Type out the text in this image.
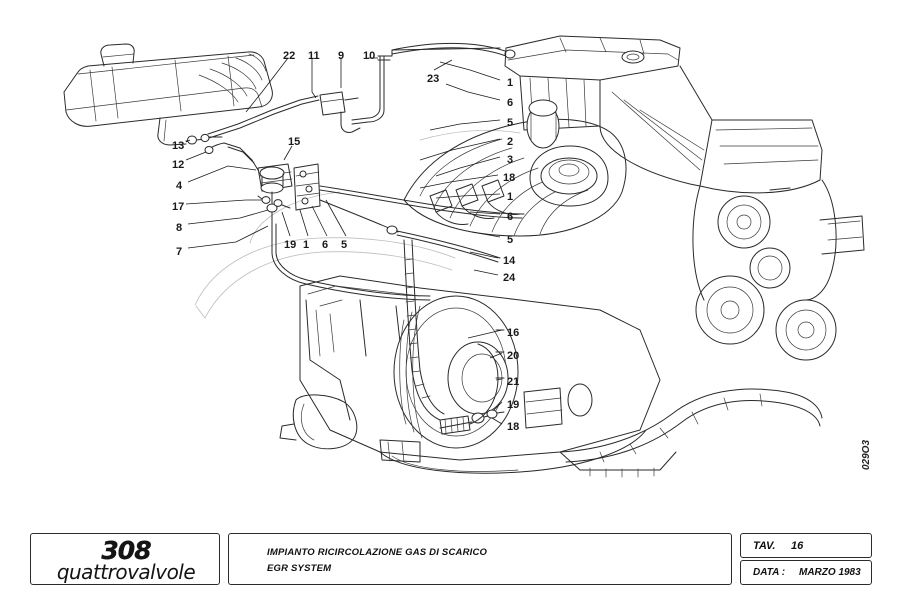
22 11 9 10
23	1
6
5
2
3
18
1
6
5
14
24
16
20
21
19
18
13
12
4
17
8
7
15
19 1 6 5
029O3
308
quattrovalvole
IMPIANTO RICIRCOLAZIONE GAS DI SCARICO
EGR SYSTEM
TAV. 16
DATA : MARZO 1983
